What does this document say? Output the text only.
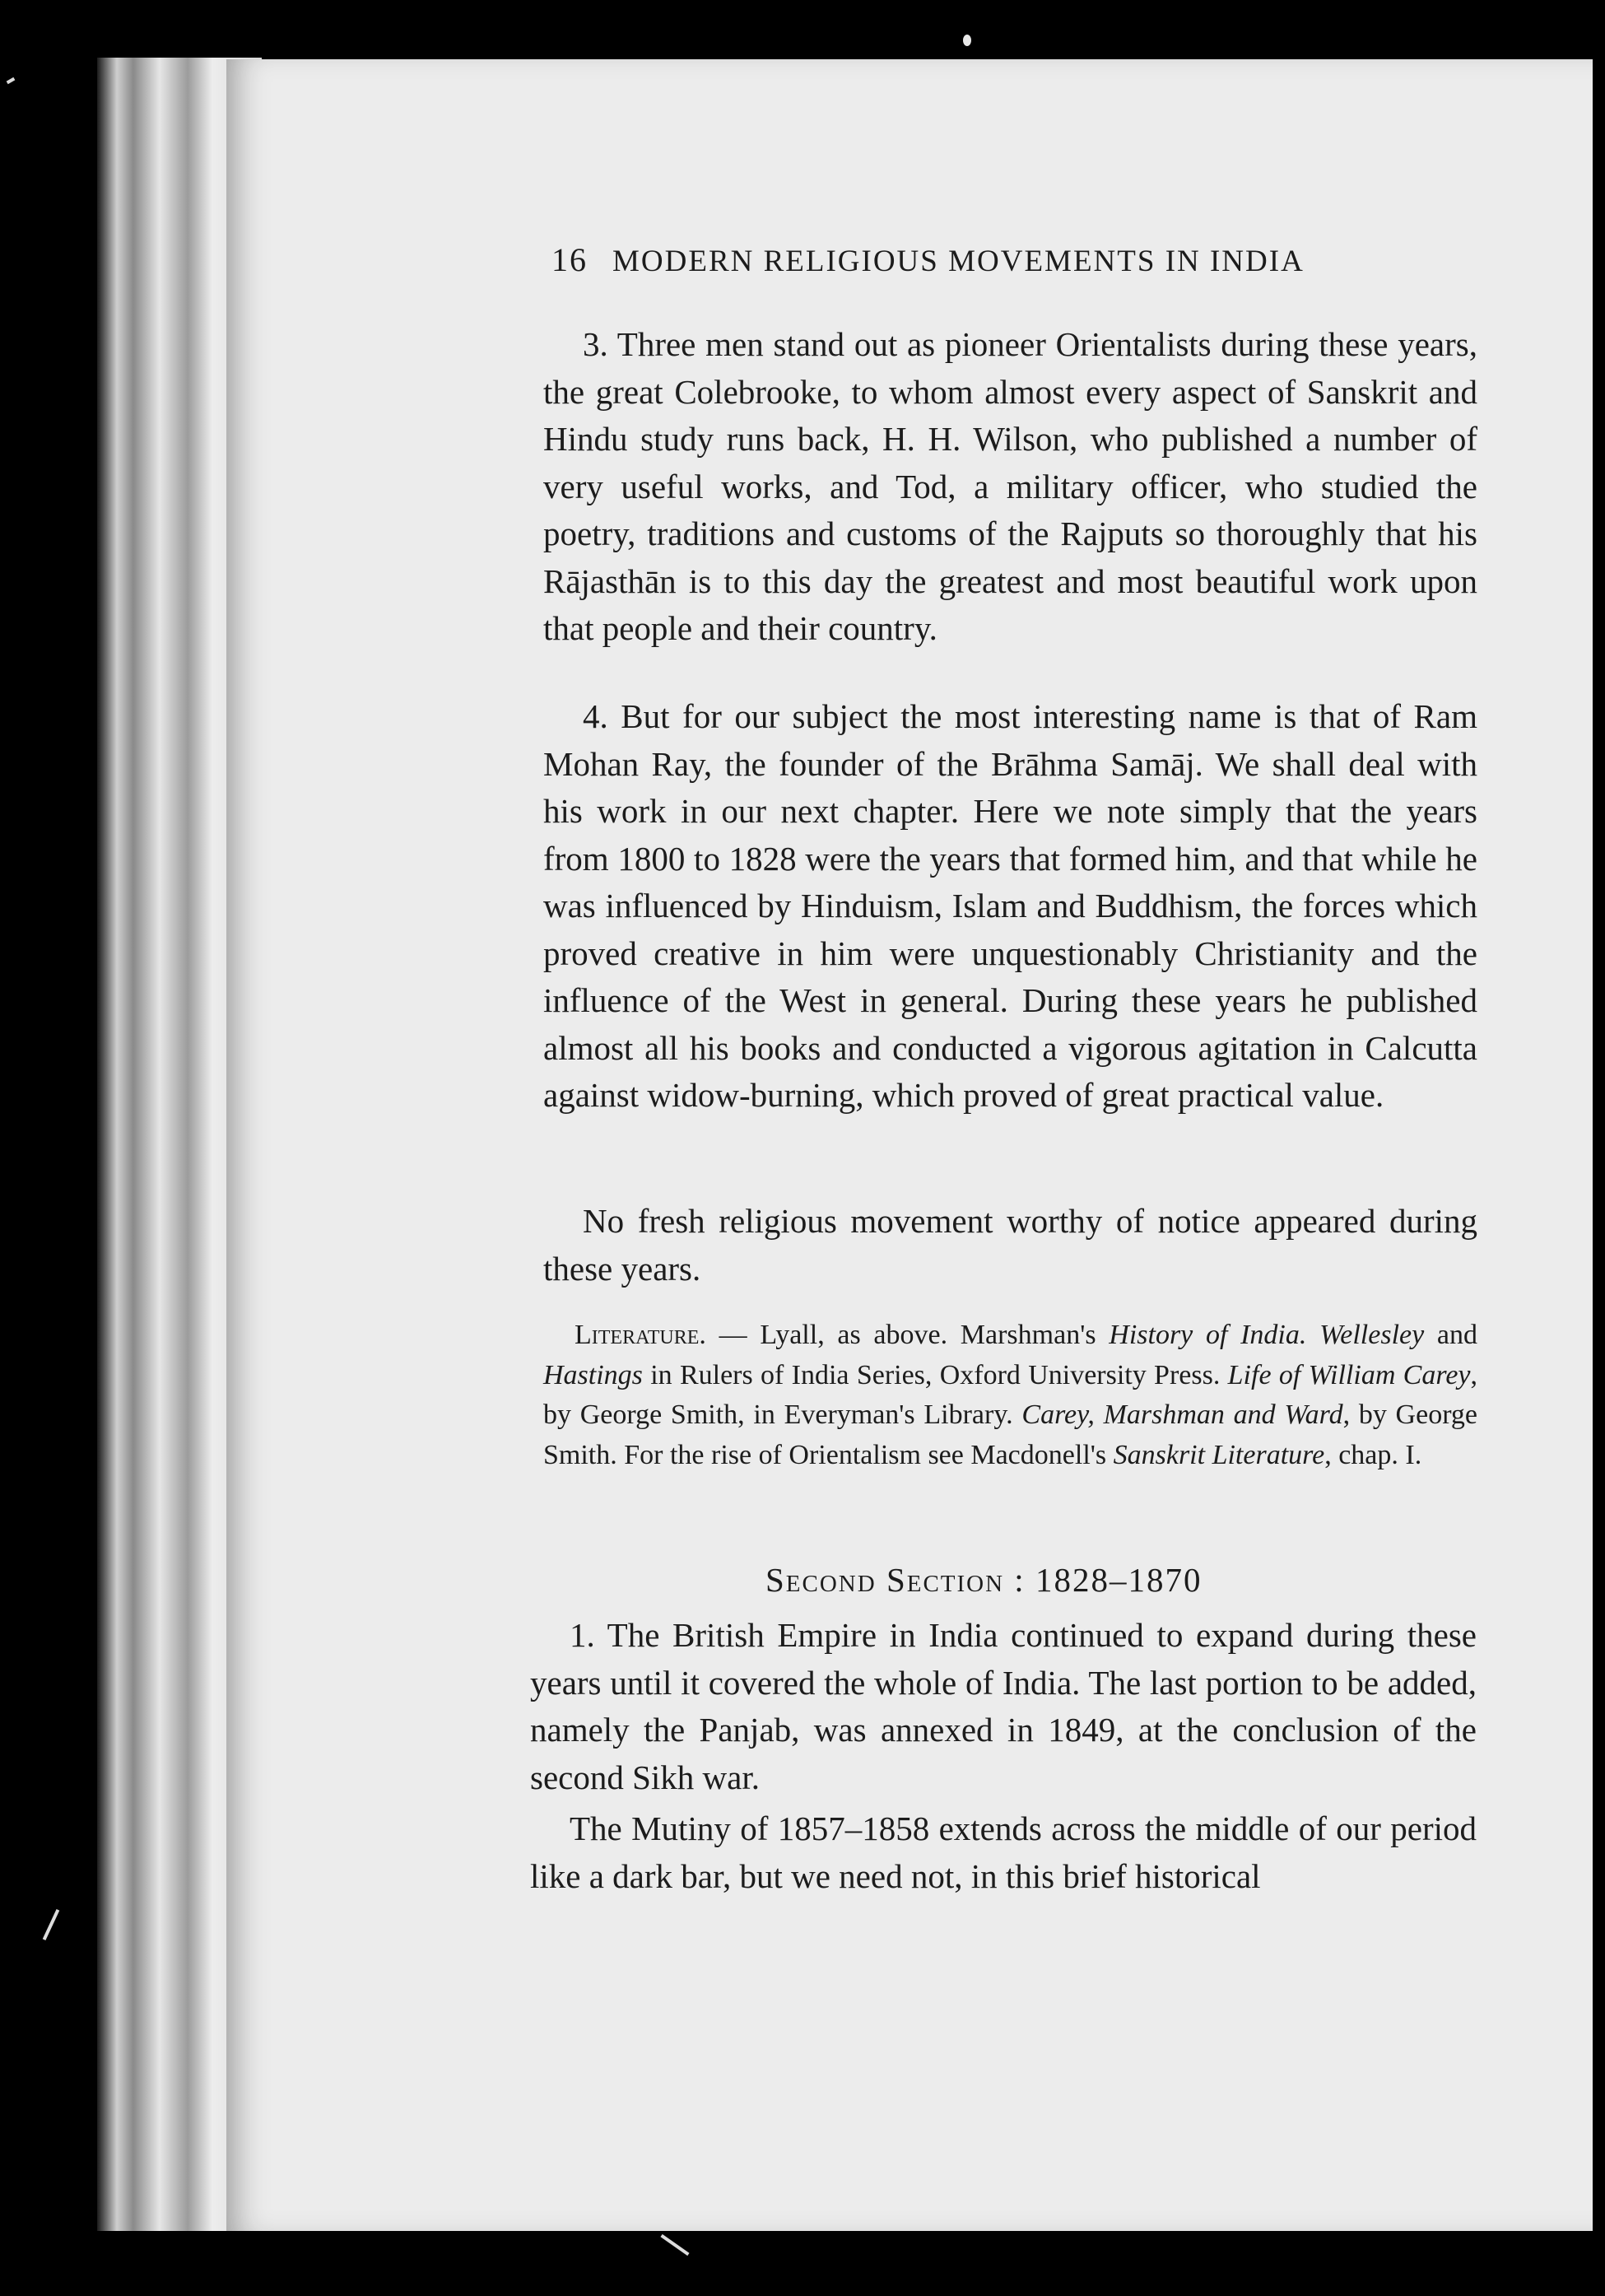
16 MODERN RELIGIOUS MOVEMENTS IN INDIA

3. Three men stand out as pioneer Orientalists during these years, the great Colebrooke, to whom almost every aspect of Sanskrit and Hindu study runs back, H. H. Wilson, who published a number of very useful works, and Tod, a military officer, who studied the poetry, traditions and customs of the Rajputs so thoroughly that his Rājasthān is to this day the greatest and most beautiful work upon that people and their country.

4. But for our subject the most interesting name is that of Ram Mohan Ray, the founder of the Brāhma Samāj. We shall deal with his work in our next chapter. Here we note simply that the years from 1800 to 1828 were the years that formed him, and that while he was influenced by Hinduism, Islam and Buddhism, the forces which proved creative in him were unquestionably Christianity and the influence of the West in general. During these years he published almost all his books and conducted a vigorous agitation in Calcutta against widow-burning, which proved of great practical value.

No fresh religious movement worthy of notice appeared during these years.

Literature. — Lyall, as above. Marshman's History of India. Wellesley and Hastings in Rulers of India Series, Oxford University Press. Life of William Carey, by George Smith, in Everyman's Library. Carey, Marshman and Ward, by George Smith. For the rise of Orientalism see Macdonell's Sanskrit Literature, chap. I.

Second Section : 1828–1870

1. The British Empire in India continued to expand during these years until it covered the whole of India. The last portion to be added, namely the Panjab, was annexed in 1849, at the conclusion of the second Sikh war.

The Mutiny of 1857–1858 extends across the middle of our period like a dark bar, but we need not, in this brief historical
